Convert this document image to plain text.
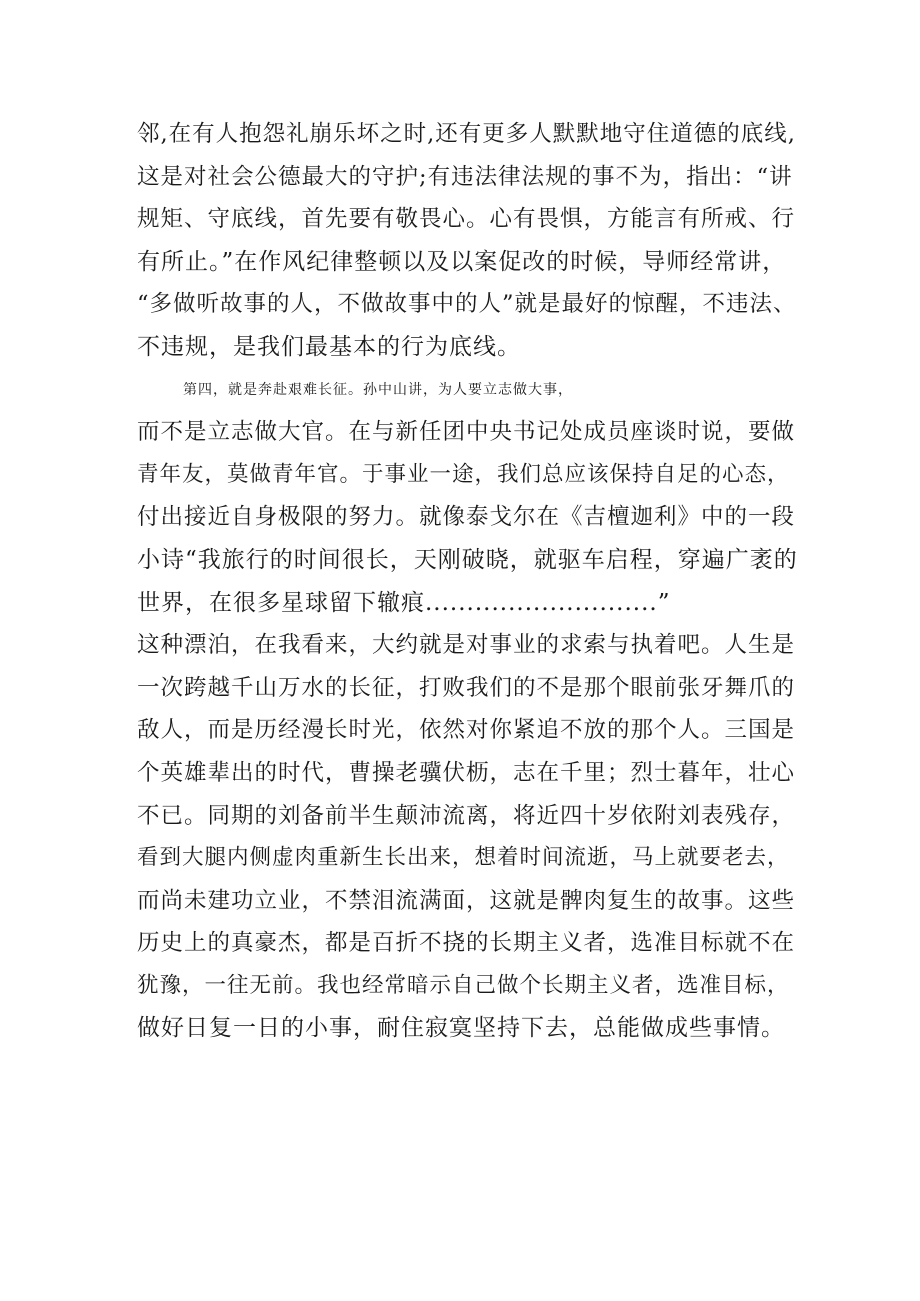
邻,在有人抱怨礼崩乐坏之时,还有更多人默默地守住道德的底线,
这是对社会公德最大的守护;有违法律法规的事不为，指出：“讲
规矩、守底线，首先要有敬畏心。心有畏惧，方能言有所戒、行
有所止。”在作风纪律整顿以及以案促改的时候，导师经常讲，
“多做听故事的人，不做故事中的人”就是最好的惊醒，不违法、
不违规，是我们最基本的行为底线。
第四，就是奔赴艰难长征。孙中山讲，为人要立志做大事，
而不是立志做大官。在与新任团中央书记处成员座谈时说，要做
青年友，莫做青年官。于事业一途，我们总应该保持自足的心态，
付出接近自身极限的努力。就像泰戈尔在《吉檀迦利》中的一段
小诗“我旅行的时间很长，天刚破晓，就驱车启程，穿遍广袤的
世界，在很多星球留下辙痕............................”
这种漂泊，在我看来，大约就是对事业的求索与执着吧。人生是
一次跨越千山万水的长征，打败我们的不是那个眼前张牙舞爪的
敌人，而是历经漫长时光，依然对你紧追不放的那个人。三国是
个英雄辈出的时代，曹操老骥伏枥，志在千里；烈士暮年，壮心
不已。同期的刘备前半生颠沛流离，将近四十岁依附刘表残存，
看到大腿内侧虚肉重新生长出来，想着时间流逝，马上就要老去，
而尚未建功立业，不禁泪流满面，这就是髀肉复生的故事。这些
历史上的真豪杰，都是百折不挠的长期主义者，选准目标就不在
犹豫，一往无前。我也经常暗示自己做个长期主义者，选准目标，
做好日复一日的小事，耐住寂寞坚持下去，总能做成些事情。
